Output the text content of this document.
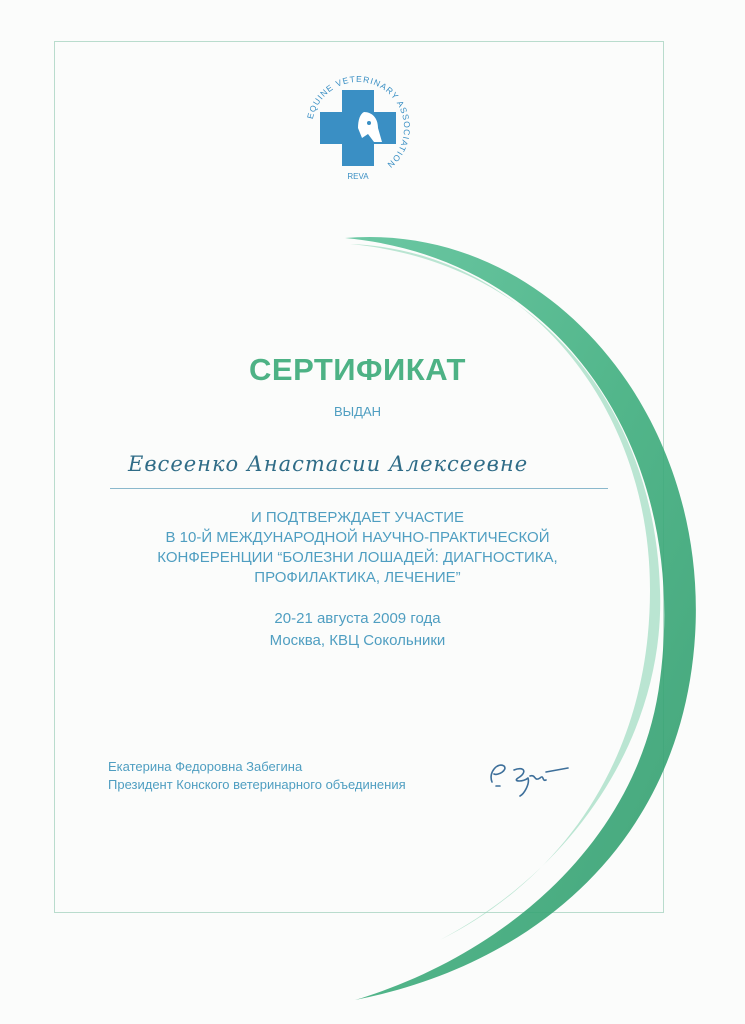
EQUINE VETERINARY ASSOCIATION
REVA
СЕРТИФИКАТ
ВЫДАН
Евсеенко Анастасии Алексеевне
И ПОДТВЕРЖДАЕТ УЧАСТИЕ
В 10-Й МЕЖДУНАРОДНОЙ НАУЧНО-ПРАКТИЧЕСКОЙ
КОНФЕРЕНЦИИ “БОЛЕЗНИ ЛОШАДЕЙ: ДИАГНОСТИКА,
ПРОФИЛАКТИКА, ЛЕЧЕНИЕ”
20-21 августа 2009 года
Москва, КВЦ Сокольники
Екатерина Федоровна Забегина
Президент Конского ветеринарного объединения
